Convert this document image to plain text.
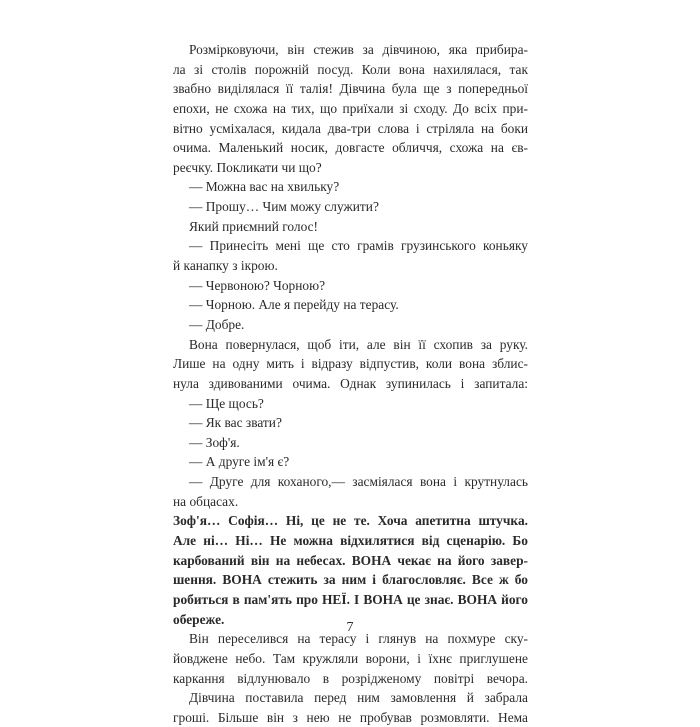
Розмірковуючи, він стежив за дівчиною, яка прибира-
ла зі столів порожній посуд. Коли вона нахилялася, так
звабно виділялася її талія! Дівчина була ще з попередньої
епохи, не схожа на тих, що приїхали зі сходу. До всіх при-
вітно усміхалася, кидала два-три слова і стріляла на боки
очима. Маленький носик, довгасте обличчя, схожа на єв-
реєчку. Покликати чи що?
— Можна вас на хвильку?
— Прошу… Чим можу служити?
Який приємний голос!
— Принесіть мені ще сто грамів грузинського коньяку
й канапку з ікрою.
— Червоною? Чорною?
— Чорною. Але я перейду на терасу.
— Добре.
Вона повернулася, щоб іти, але він її схопив за руку.
Лише на одну мить і відразу відпустив, коли вона зблис-
нула здивованими очима. Однак зупинилась і запитала:
— Ще щось?
— Як вас звати?
— Зоф'я.
— А друге ім'я є?
— Друге для коханого,— засміялася вона і крутнулась
на обцасах.
Зоф'я… Софія… Ні, це не те. Хоча апетитна штучка.
Але ні… Ні… Не можна відхилятися від сценарію. Бо
карбований він на небесах. ВОНА чекає на його завер-
шення. ВОНА стежить за ним і благословляє. Все ж бо
робиться в пам'ять про НЕЇ. І ВОНА це знає. ВОНА його
обереже.
Він переселився на терасу і глянув на похмуре ску-
йовджене небо. Там кружляли ворони, і їхнє приглушене
каркання відлунювало в розрідженому повітрі вечора.
Дівчина поставила перед ним замовлення й забрала
гроші. Більше він з нею не пробував розмовляти. Нема
7
